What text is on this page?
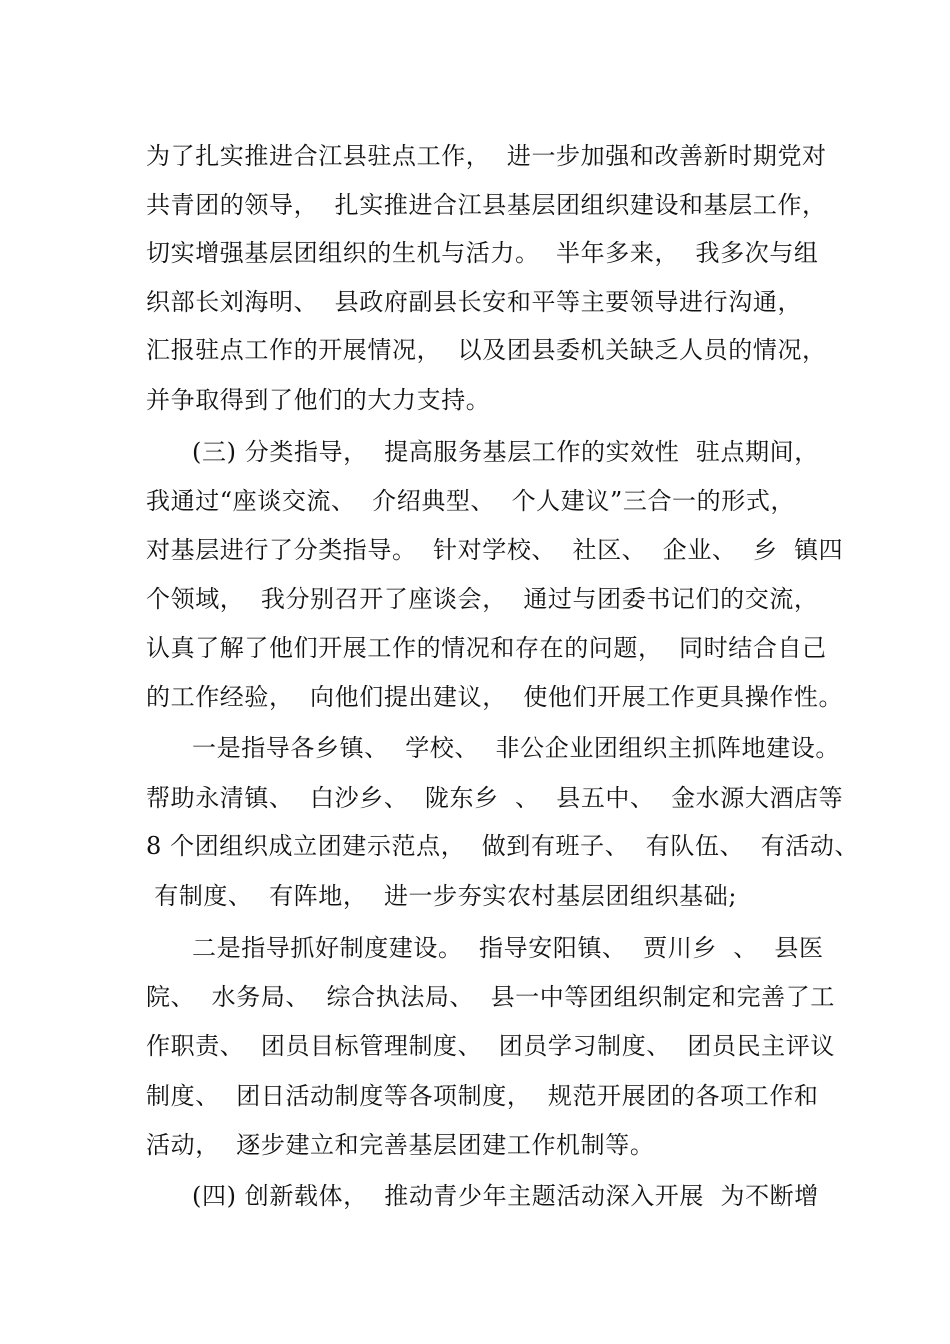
为了扎实推进合江县驻点工作，  进一步加强和改善新时期党对
共青团的领导，  扎实推进合江县基层团组织建设和基层工作，
切实增强基层团组织的生机与活力。  半年多来，  我多次与组
织部长刘海明、  县政府副县长安和平等主要领导进行沟通，
汇报驻点工作的开展情况，  以及团县委机关缺乏人员的情况，
并争取得到了他们的大力支持。
(三) 分类指导，  提高服务基层工作的实效性  驻点期间，
我通过“座谈交流、  介绍典型、  个人建议”三合一的形式，
对基层进行了分类指导。  针对学校、  社区、  企业、  乡  镇四
个领域，  我分别召开了座谈会，  通过与团委书记们的交流，
认真了解了他们开展工作的情况和存在的问题，  同时结合自己
的工作经验，  向他们提出建议，  使他们开展工作更具操作性。
一是指导各乡镇、  学校、  非公企业团组织主抓阵地建设。
帮助永清镇、  白沙乡、  陇东乡  、  县五中、  金水源大酒店等
8 个团组织成立团建示范点，  做到有班子、  有队伍、  有活动、
有制度、  有阵地，  进一步夯实农村基层团组织基础;
二是指导抓好制度建设。  指导安阳镇、  贾川乡  、  县医
院、  水务局、  综合执法局、  县一中等团组织制定和完善了工
作职责、  团员目标管理制度、  团员学习制度、  团员民主评议
制度、  团日活动制度等各项制度，  规范开展团的各项工作和
活动，  逐步建立和完善基层团建工作机制等。
(四) 创新载体，  推动青少年主题活动深入开展  为不断增
